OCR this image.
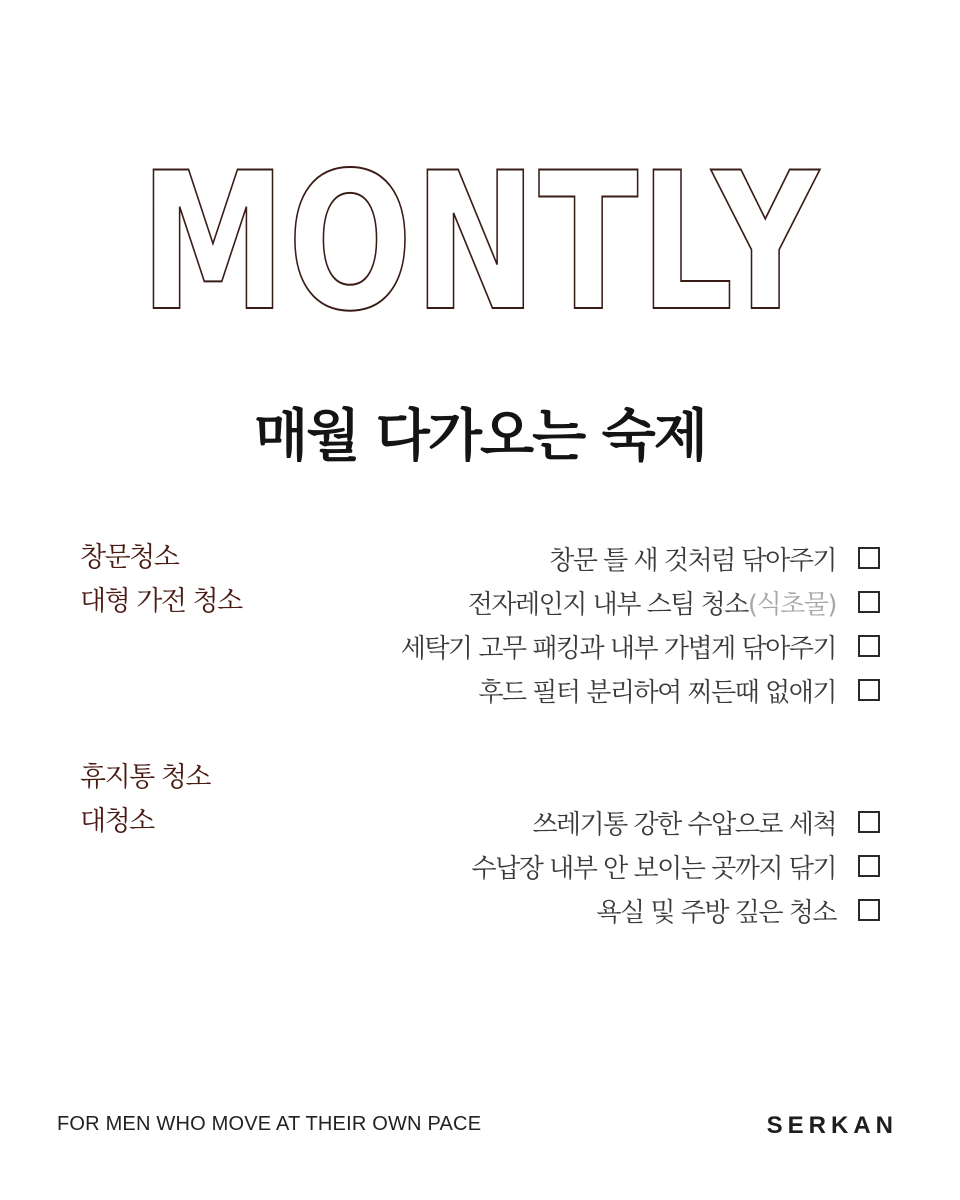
MONTLY
매월 다가오는 숙제
창문청소
대형 가전 청소
휴지통 청소
대청소
창문 틀 새 것처럼 닦아주기
전자레인지 내부 스팀 청소(식초물)
세탁기 고무 패킹과 내부 가볍게 닦아주기
후드 필터 분리하여 찌든때 없애기
쓰레기통 강한 수압으로 세척
수납장 내부 안 보이는 곳까지 닦기
욕실 및 주방 깊은 청소
FOR MEN WHO MOVE AT THEIR OWN PACE	SERKAN
